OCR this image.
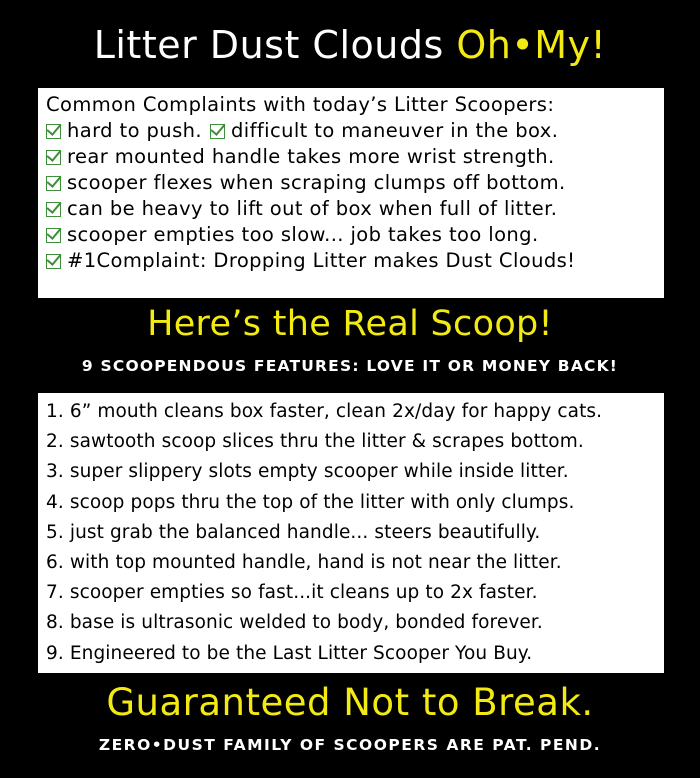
Litter Dust Clouds Oh•My!
Common Complaints with today’s Litter Scoopers:
hard to push. difficult to maneuver in the box.
rear mounted handle takes more wrist strength.
scooper flexes when scraping clumps off bottom.
can be heavy to lift out of box when full of litter.
scooper empties too slow... job takes too long.
#1Complaint: Dropping Litter makes Dust Clouds!
Here’s the Real Scoop!
9 SCOOPENDOUS FEATURES: LOVE IT OR MONEY BACK!
1. 6” mouth cleans box faster, clean 2x/day for happy cats.
2. sawtooth scoop slices thru the litter & scrapes bottom.
3. super slippery slots empty scooper while inside litter.
4. scoop pops thru the top of the litter with only clumps.
5. just grab the balanced handle... steers beautifully.
6. with top mounted handle, hand is not near the litter.
7. scooper empties so fast...it cleans up to 2x faster.
8. base is ultrasonic welded to body, bonded forever.
9. Engineered to be the Last Litter Scooper You Buy.
Guaranteed Not to Break.
ZERO•DUST FAMILY OF SCOOPERS ARE PAT. PEND.
